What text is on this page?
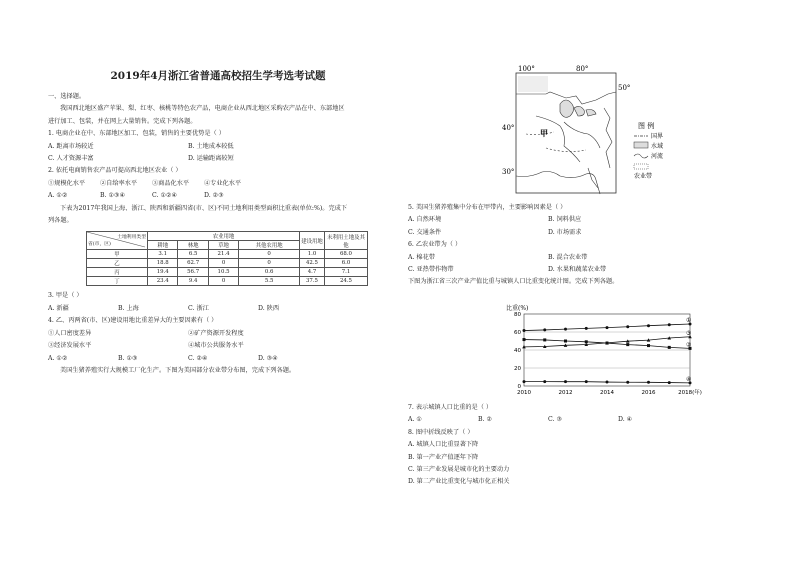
2019年4月浙江省普通高校招生学考选考试题
一、选择题。
我国西北地区盛产苹果、梨、红枣、核桃等特色农产品，电商企业从西北地区采购农产品在中、东部地区
进行加工、包装，并在网上大量销售。完成下列各题。
1. 电商企业在中、东部地区加工、包装，销售的主要优势是（ ）
A. 距离市场较近	B. 土地成本较低
C. 人才资源丰富	D. 运输距离较短
2. 依托电商销售农产品可提高西北地区农业（ ）
①规模化水平	②自给率水平	③商品化水平	④专业化水平
A. ①②	B. ①③④	C. ①②④	D. ②③
下表为2017年我国上海、浙江、陕西和新疆四省(市、区)不同土地利用类型面积比重表(单位:%)。完成下
列各题。
土地利用类型
省(市，区)	农业用地				建设用地	未利用土地及其他
	耕地	林地	草地	其他农用地		
甲	3.1	6.5	21.4	0	1.0	68.0
乙	18.8	62.7	0	0	42.5	6.0
丙	19.4	56.7	10.5	0.6	4.7	7.1
丁	23.4	9.4	0	5.5	37.5	24.5
3. 甲是（ ）
A. 新疆	B. 上海	C. 浙江	D. 陕西
4. 乙、丙两省(市、区)建设用地比重差异大的主要因素有（ ）
①人口密度差异	②矿产资源开发程度
③经济发展水平	④城市公共服务水平
A. ①②	B. ①③	C. ②④	D. ③④
美国生猪养殖实行大规模工厂化生产。下图为美国部分农业带分布图，完成下列各题。
100°	80°
50°
40°
30°
甲
图 例
国界
水域
河流
农业带
5. 美国生猪养殖集中分布在甲带内，主要影响因素是（ ）
A. 自然环境	B. 饲料供应
C. 交通条件	D. 市场需求
6. 乙农业带为（ ）
A. 棉花带	B. 混合农业带
C. 亚热带作物带	D. 水果和蔬菜农业带
下图为浙江省三次产业产值比重与城镇人口比重变化统计图。完成下列各题。
比重(%)
0
20
40
60
80
2010	2012	2014	2016	2018(年)
①
②
③
④
7. 表示城镇人口比重的是（ ）
A. ①	B. ②	C. ③	D. ④
8. 图中折线反映了（ ）
A. 城镇人口比重显著下降
B. 第一产业产值逐年下降
C. 第三产业发展是城市化的主要动力
D. 第二产业比重变化与城市化正相关
